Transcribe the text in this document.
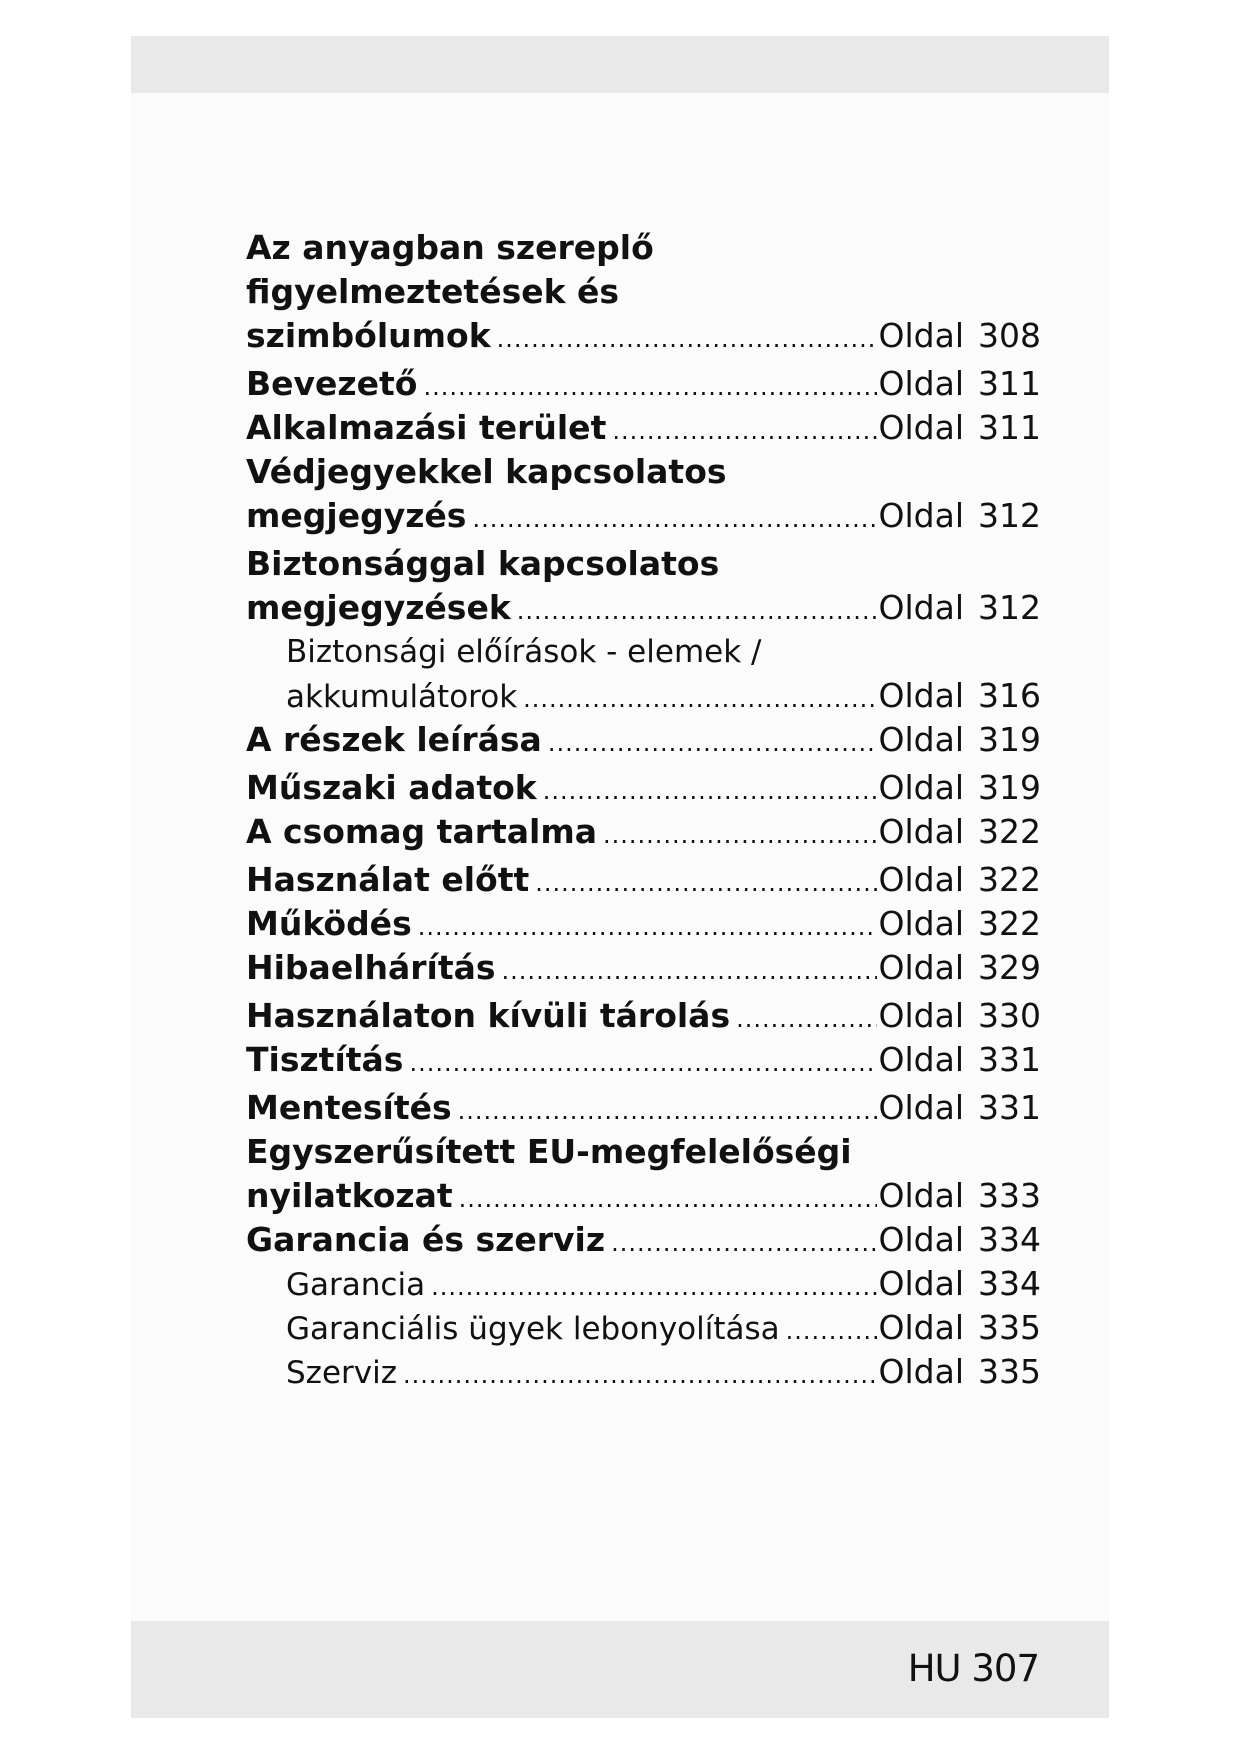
HU 307
Az anyagban szereplő
figyelmeztetések és
szimbólumok .....	Oldal 308
Bevezető .....	Oldal 311
Alkalmazási terület .....	Oldal 311
Védjegyekkel kapcsolatos
megjegyzés .....	Oldal 312
Biztonsággal kapcsolatos
megjegyzések .....	Oldal 312
Biztonsági előírások - elemek /
akkumulátorok .....	Oldal 316
A részek leírása .....	Oldal 319
Műszaki adatok .....	Oldal 319
A csomag tartalma .....	Oldal 322
Használat előtt .....	Oldal 322
Működés .....	Oldal 322
Hibaelhárítás .....	Oldal 329
Használaton kívüli tárolás .....	Oldal 330
Tisztítás .....	Oldal 331
Mentesítés .....	Oldal 331
Egyszerűsített EU-megfelelőségi
nyilatkozat .....	Oldal 333
Garancia és szerviz .....	Oldal 334
Garancia .....	Oldal 334
Garanciális ügyek lebonyolítása .....	Oldal 335
Szerviz .....	Oldal 335
